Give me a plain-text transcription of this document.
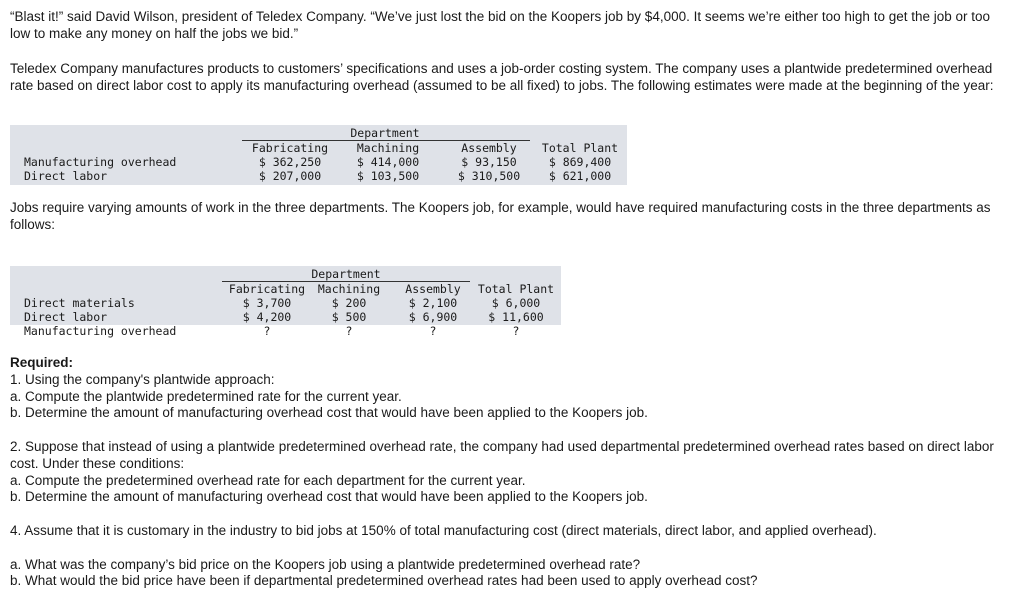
“Blast it!” said David Wilson, president of Teledex Company. “We’ve just lost the bid on the Koopers job by $4,000. It seems we’re either too high to get the job or too low to make any money on half the jobs we bid.”

Teledex Company manufactures products to customers’ specifications and uses a job-order costing system. The company uses a plantwide predetermined overhead rate based on direct labor cost to apply its manufacturing overhead (assumed to be all fixed) to jobs. The following estimates were made at the beginning of the year:

Department
Fabricating	Machining	Assembly	Total Plant
Manufacturing overhead	$ 362,250	$ 414,000	$ 93,150	$ 869,400
Direct labor	$ 207,000	$ 103,500	$ 310,500	$ 621,000

Jobs require varying amounts of work in the three departments. The Koopers job, for example, would have required manufacturing costs in the three departments as follows:

Department
Fabricating	Machining	Assembly	Total Plant
Direct materials	$ 3,700	$ 200	$ 2,100	$ 6,000
Direct labor	$ 4,200	$ 500	$ 6,900	$ 11,600
Manufacturing overhead	?	?	?	?

Required:

1. Using the company's plantwide approach:

a. Compute the plantwide predetermined rate for the current year.

b. Determine the amount of manufacturing overhead cost that would have been applied to the Koopers job.

2. Suppose that instead of using a plantwide predetermined overhead rate, the company had used departmental predetermined overhead rates based on direct labor cost. Under these conditions:

a. Compute the predetermined overhead rate for each department for the current year.

b. Determine the amount of manufacturing overhead cost that would have been applied to the Koopers job.

4. Assume that it is customary in the industry to bid jobs at 150% of total manufacturing cost (direct materials, direct labor, and applied overhead).

a. What was the company’s bid price on the Koopers job using a plantwide predetermined overhead rate?

b. What would the bid price have been if departmental predetermined overhead rates had been used to apply overhead cost?
